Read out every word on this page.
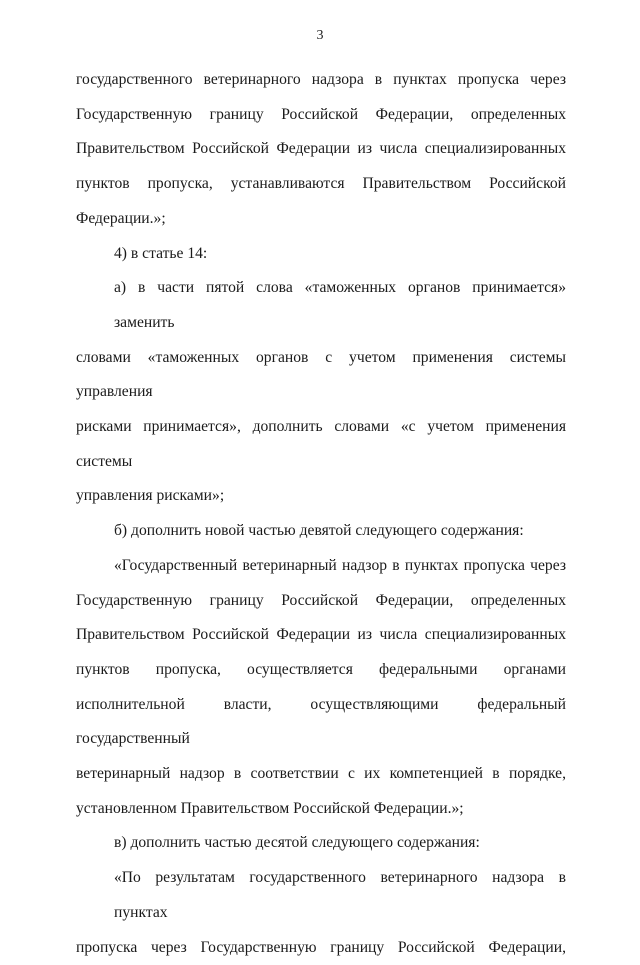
3

государственного ветеринарного надзора в пунктах пропуска через
Государственную границу Российской Федерации, определенных
Правительством Российской Федерации из числа специализированных
пунктов пропуска, устанавливаются Правительством Российской
Федерации.»;

4) в статье 14:

а) в части пятой слова «таможенных органов принимается» заменить
словами «таможенных органов с учетом применения системы управления
рисками принимается», дополнить словами «с учетом применения системы
управления рисками»;

б) дополнить новой частью девятой следующего содержания:

«Государственный ветеринарный надзор в пунктах пропуска через
Государственную границу Российской Федерации, определенных
Правительством Российской Федерации из числа специализированных
пунктов пропуска, осуществляется федеральными органами
исполнительной власти, осуществляющими федеральный государственный
ветеринарный надзор в соответствии с их компетенцией в порядке,
установленном Правительством Российской Федерации.»;

в) дополнить частью десятой следующего содержания:

«По результатам государственного ветеринарного надзора в пунктах
пропуска через Государственную границу Российской Федерации,
